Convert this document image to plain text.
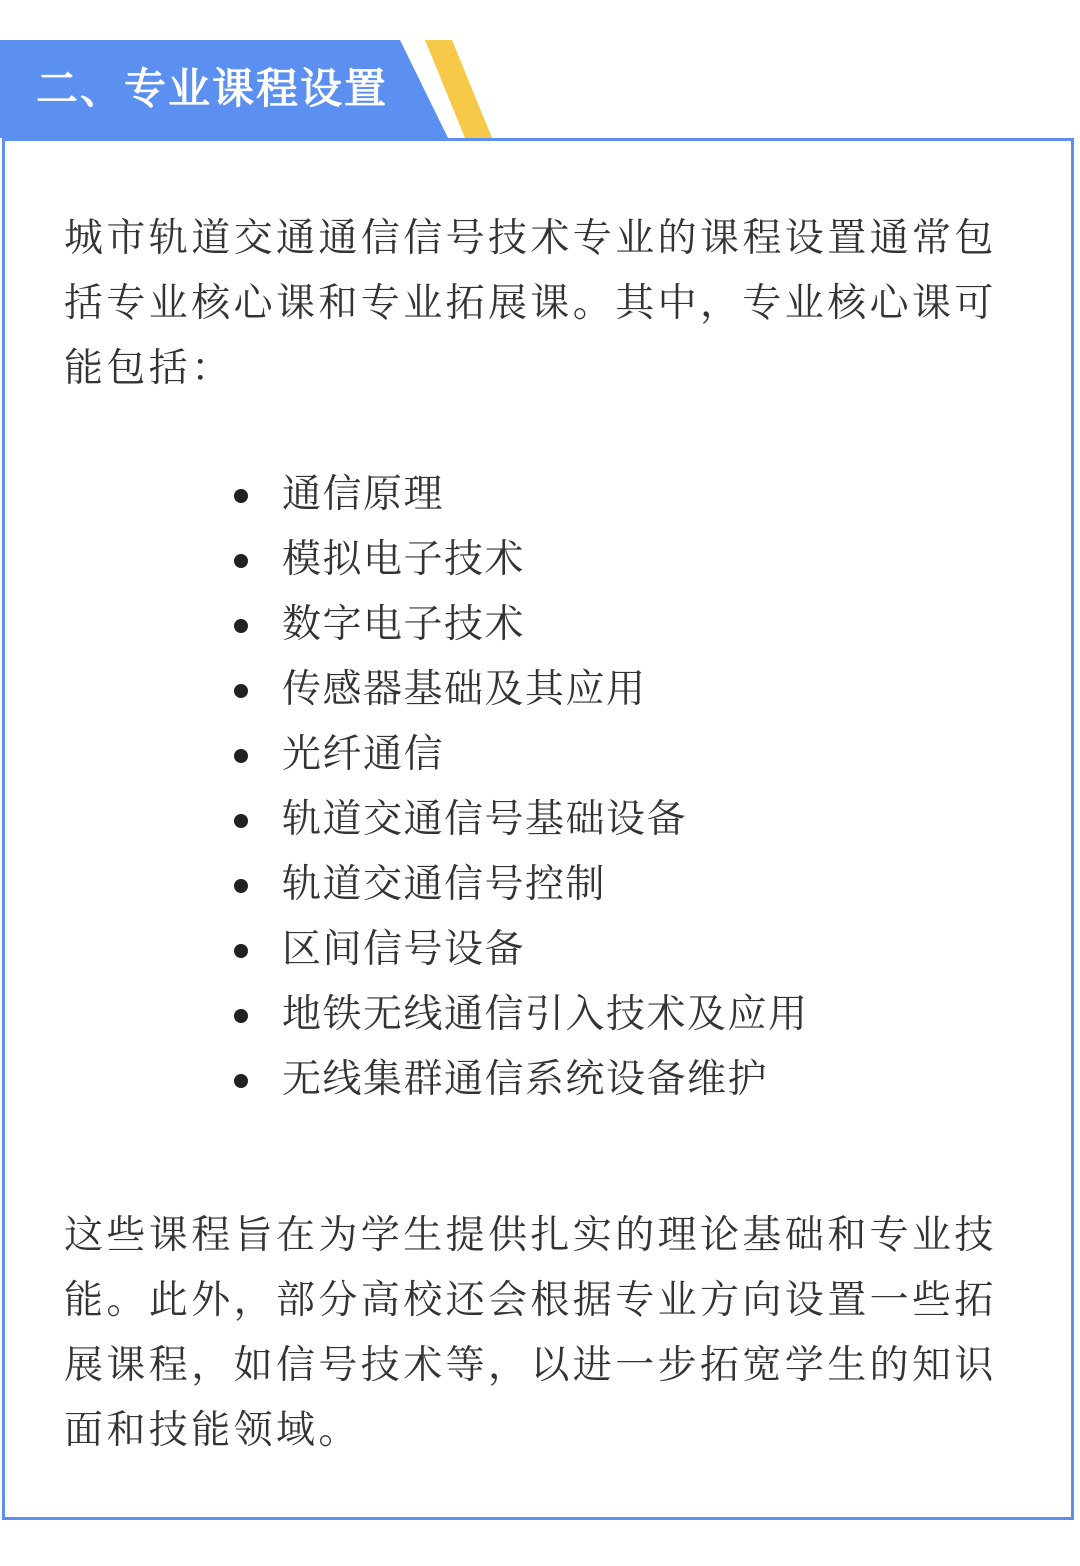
二、专业课程设置

城市轨道交通通信信号技术专业的课程设置通常包括专业核心课和专业拓展课。其中，专业核心课可能包括：

通信原理
模拟电子技术
数字电子技术
传感器基础及其应用
光纤通信
轨道交通信号基础设备
轨道交通信号控制
区间信号设备
地铁无线通信引入技术及应用
无线集群通信系统设备维护

这些课程旨在为学生提供扎实的理论基础和专业技能。此外，部分高校还会根据专业方向设置一些拓展课程，如信号技术等，以进一步拓宽学生的知识面和技能领域。
